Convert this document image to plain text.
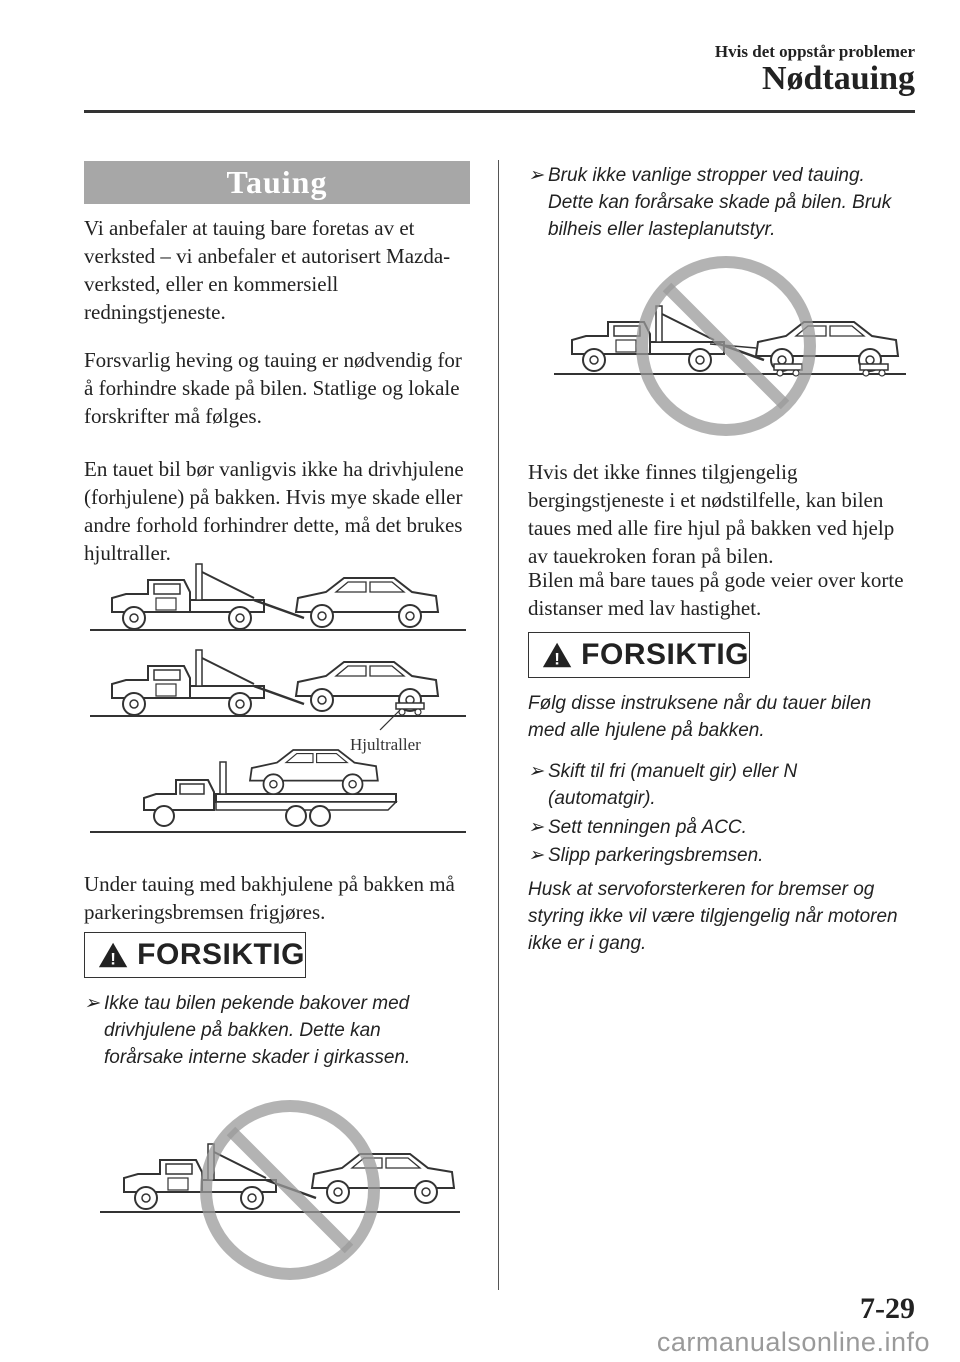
Hvis det oppstår problemer
Nødtauing
Tauing

Vi anbefaler at tauing bare foretas av et verksted – vi anbefaler et autorisert Mazda-verksted, eller en kommersiell redningstjeneste.

Forsvarlig heving og tauing er nødvendig for å forhindre skade på bilen. Statlige og lokale forskrifter må følges.

En tauet bil bør vanligvis ikke ha drivhjulene (forhjulene) på bakken. Hvis mye skade eller andre forhold forhindrer dette, må det brukes hjultraller.

Hjultraller

Under tauing med bakhjulene på bakken må parkeringsbremsen frigjøres.

! FORSIKTIG
➢ Ikke tau bilen pekende bakover med drivhjulene på bakken. Dette kan forårsake interne skader i girkassen.
➢ Bruk ikke vanlige stropper ved tauing. Dette kan forårsake skade på bilen. Bruk bilheis eller lasteplanutstyr.

Hvis det ikke finnes tilgjengelig bergingstjeneste i et nødstilfelle, kan bilen taues med alle fire hjul på bakken ved hjelp av tauekroken foran på bilen.

Bilen må bare taues på gode veier over korte distanser med lav hastighet.

! FORSIKTIG

Følg disse instruksene når du tauer bilen med alle hjulene på bakken.

➢ Skift til fri (manuelt gir) eller N (automatgir).
➢ Sett tenningen på ACC.
➢ Slipp parkeringsbremsen.

Husk at servoforsterkeren for bremser og styring ikke vil være tilgjengelig når motoren ikke er i gang.

7-29
carmanualsonline.info
